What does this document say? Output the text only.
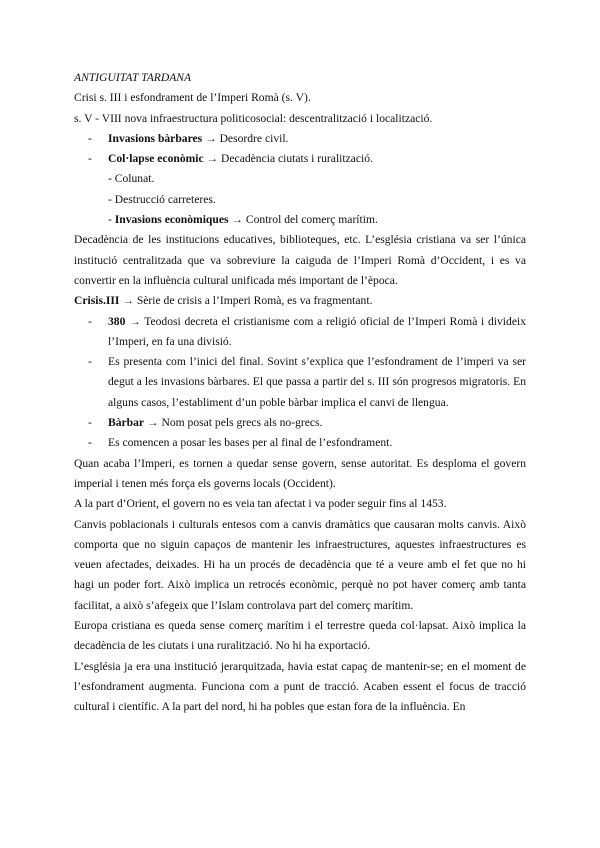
ANTIGUITAT TARDANA
Crisi s. III i esfondrament de l’Imperi Romà (s. V).
s. V - VIII nova infraestructura politicosocial: descentralització i localització.
-	Invasions bàrbares → Desordre civil.
-	Col·lapse econòmic → Decadència ciutats i ruralització.
- Colunat.
- Destrucció carreteres.
- Invasions econòmiques → Control del comerç marítim.
Decadència de les institucions educatives, biblioteques, etc. L’església cristiana va ser l’única institució centralitzada que va sobreviure la caiguda de l’Imperi Romà d’Occident, i es va convertir en la influència cultural unificada més important de l’època.
Crisis.III → Sèrie de crisis a l’Imperi Romà, es va fragmentant.
-	380 → Teodosi decreta el cristianisme com a religió oficial de l’Imperi Romà i divideix l’Imperi, en fa una divisió.
-	Es presenta com l’inici del final. Sovint s’explica que l’esfondrament de l’imperi va ser degut a les invasions bàrbares. El que passa a partir del s. III són progresos migratoris. En alguns casos, l’establiment d’un poble bàrbar implica el canvi de llengua.
-	Bàrbar → Nom posat pels grecs als no-grecs.
-	Es comencen a posar les bases per al final de l’esfondrament.
Quan acaba l’Imperi, es tornen a quedar sense govern, sense autoritat. Es desploma el govern imperial i tenen més força els governs locals (Occident).
A la part d’Orient, el govern no es veia tan afectat i va poder seguir fins al 1453.
Canvis poblacionals i culturals entesos com a canvis dramàtics que causaran molts canvis. Això comporta que no siguin capaços de mantenir les infraestructures, aquestes infraestructures es veuen afectades, deixades. Hi ha un procés de decadència que té a veure amb el fet que no hi hagi un poder fort. Això implica un retrocés econòmic, perquè no pot haver comerç amb tanta facilitat, a això s’afegeix que l’Islam controlava part del comerç marítim.
Europa cristiana es queda sense comerç marítim i el terrestre queda col·lapsat. Això implica la decadència de les ciutats i una ruralització. No hi ha exportació.
L’església ja era una institució jerarquitzada, havia estat capaç de mantenir-se; en el moment de l’esfondrament augmenta. Funciona com a punt de tracció. Acaben essent el focus de tracció cultural i científic. A la part del nord, hi ha pobles que estan fora de la influència. En
